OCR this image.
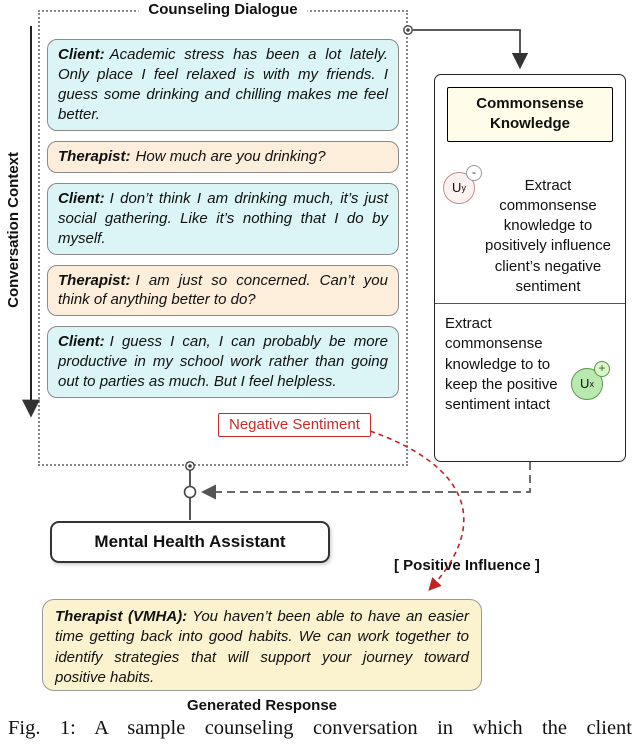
Conversation Context
Counseling Dialogue
Client: Academic stress has been a lot lately. Only place I feel relaxed is with my friends. I guess some drinking and chilling makes me feel better.
Therapist: How much are you drinking?
Client: I don’t think I am drinking much, it’s just social gathering. Like it’s nothing that I do by myself.
Therapist: I am just so concerned. Can’t you think of anything better to do?
Client: I guess I can, I can probably be more productive in my school work rather than going out to parties as much. But I feel helpless.
Negative Sentiment
Commonsense Knowledge
U y
-
Extract commonsense knowledge to positively influence client’s negative sentiment
Extract commonsense knowledge to to keep the positive sentiment intact
U x
+
Mental Health Assistant
[ Positive Influence ]
Therapist (VMHA): You haven’t been able to have an easier time getting back into good habits. We can work together to identify strategies that will support your journey toward positive habits.
Generated Response
Fig. 1: A sample counseling conversation in which the client
